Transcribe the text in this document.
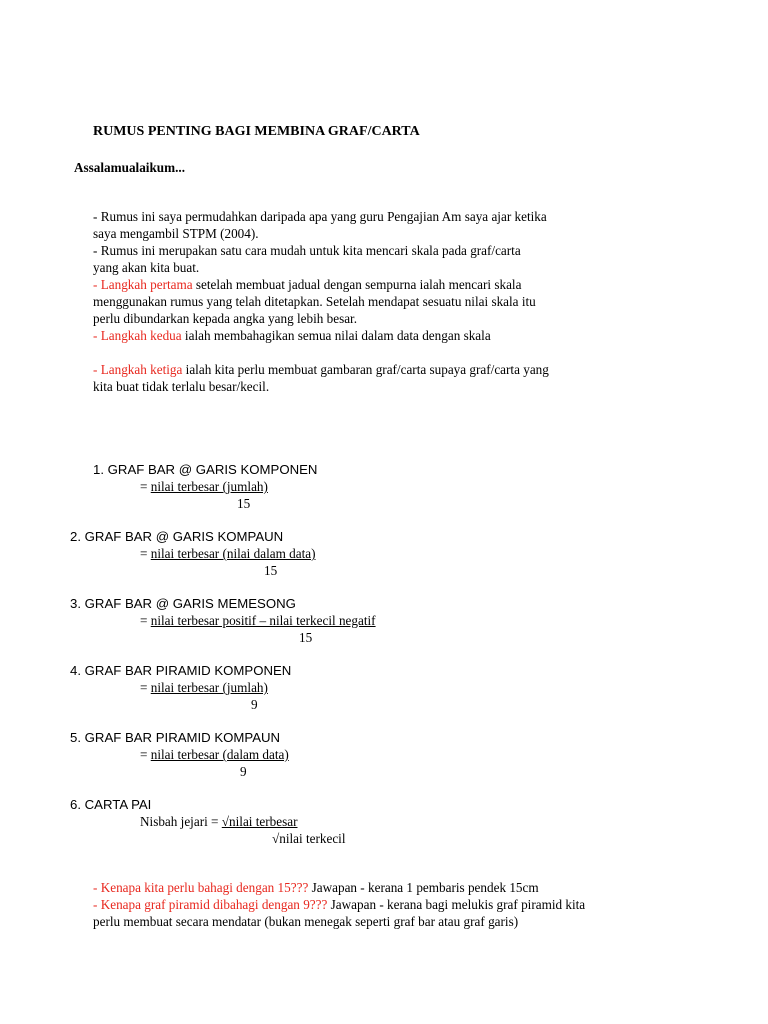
RUMUS PENTING BAGI MEMBINA GRAF/CARTA
Assalamualaikum...
- Rumus ini saya permudahkan daripada apa yang guru Pengajian Am saya ajar ketika
saya mengambil STPM (2004).
- Rumus ini merupakan satu cara mudah untuk kita mencari skala pada graf/carta
yang akan kita buat.
- Langkah pertama setelah membuat jadual dengan sempurna ialah mencari skala
menggunakan rumus yang telah ditetapkan. Setelah mendapat sesuatu nilai skala itu
perlu dibundarkan kepada angka yang lebih besar.
- Langkah kedua ialah membahagikan semua nilai dalam data dengan skala
- Langkah ketiga ialah kita perlu membuat gambaran graf/carta supaya graf/carta yang
kita buat tidak terlalu besar/kecil.
1. GRAF BAR @ GARIS KOMPONEN
= nilai terbesar (jumlah)
15
2. GRAF BAR @ GARIS KOMPAUN
= nilai terbesar (nilai dalam data)
15
3. GRAF BAR @ GARIS MEMESONG
= nilai terbesar positif – nilai terkecil negatif
15
4. GRAF BAR PIRAMID KOMPONEN
= nilai terbesar (jumlah)
9
5. GRAF BAR PIRAMID KOMPAUN
= nilai terbesar (dalam data)
9
6. CARTA PAI
Nisbah jejari = √nilai terbesar
√nilai terkecil
- Kenapa kita perlu bahagi dengan 15??? Jawapan - kerana 1 pembaris pendek 15cm
- Kenapa graf piramid dibahagi dengan 9??? Jawapan - kerana bagi melukis graf piramid kita
perlu membuat secara mendatar (bukan menegak seperti graf bar atau graf garis)
